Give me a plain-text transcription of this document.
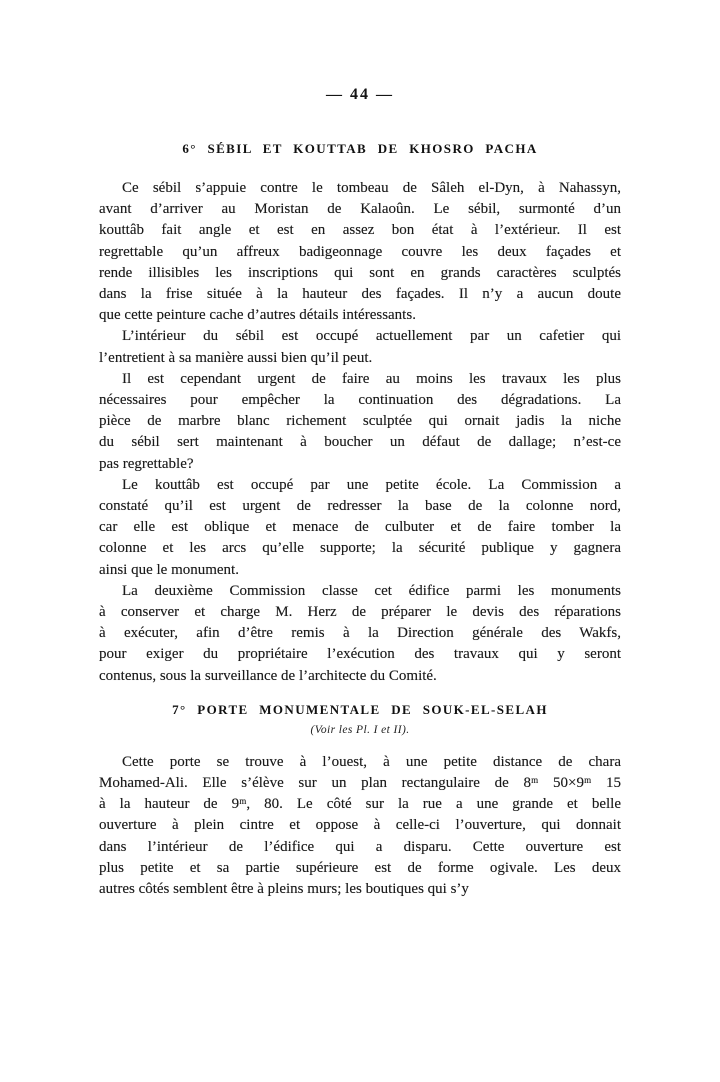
— 44 —
6° SÉBIL ET KOUTTAB DE KHOSRO PACHA
Ce sébil s’appuie contre le tombeau de Sâleh el-Dyn, à Nahassyn,
avant d’arriver au Moristan de Kalaoûn. Le sébil, surmonté d’un
kouttâb fait angle et est en assez bon état à l’extérieur. Il est
regrettable qu’un affreux badigeonnage couvre les deux façades et
rende illisibles les inscriptions qui sont en grands caractères sculptés
dans la frise située à la hauteur des façades. Il n’y a aucun doute
que cette peinture cache d’autres détails intéressants.
L’intérieur du sébil est occupé actuellement par un cafetier qui
l’entretient à sa manière aussi bien qu’il peut.
Il est cependant urgent de faire au moins les travaux les plus
nécessaires pour empêcher la continuation des dégradations. La
pièce de marbre blanc richement sculptée qui ornait jadis la niche
du sébil sert maintenant à boucher un défaut de dallage; n’est-ce
pas regrettable?
Le kouttâb est occupé par une petite école. La Commission a
constaté qu’il est urgent de redresser la base de la colonne nord,
car elle est oblique et menace de culbuter et de faire tomber la
colonne et les arcs qu’elle supporte; la sécurité publique y gagnera
ainsi que le monument.
La deuxième Commission classe cet édifice parmi les monuments
à conserver et charge M. Herz de préparer le devis des réparations
à exécuter, afin d’être remis à la Direction générale des Wakfs,
pour exiger du propriétaire l’exécution des travaux qui y seront
contenus, sous la surveillance de l’architecte du Comité.
7° PORTE MONUMENTALE DE SOUK-EL-SELAH
(Voir les Pl. I et II).
Cette porte se trouve à l’ouest, à une petite distance de chara
Mohamed-Ali. Elle s’élève sur un plan rectangulaire de 8ᵐ 50×9ᵐ 15
à la hauteur de 9ᵐ, 80. Le côté sur la rue a une grande et belle
ouverture à plein cintre et oppose à celle-ci l’ouverture, qui donnait
dans l’intérieur de l’édifice qui a disparu. Cette ouverture est
plus petite et sa partie supérieure est de forme ogivale. Les deux
autres côtés semblent être à pleins murs; les boutiques qui s’y
